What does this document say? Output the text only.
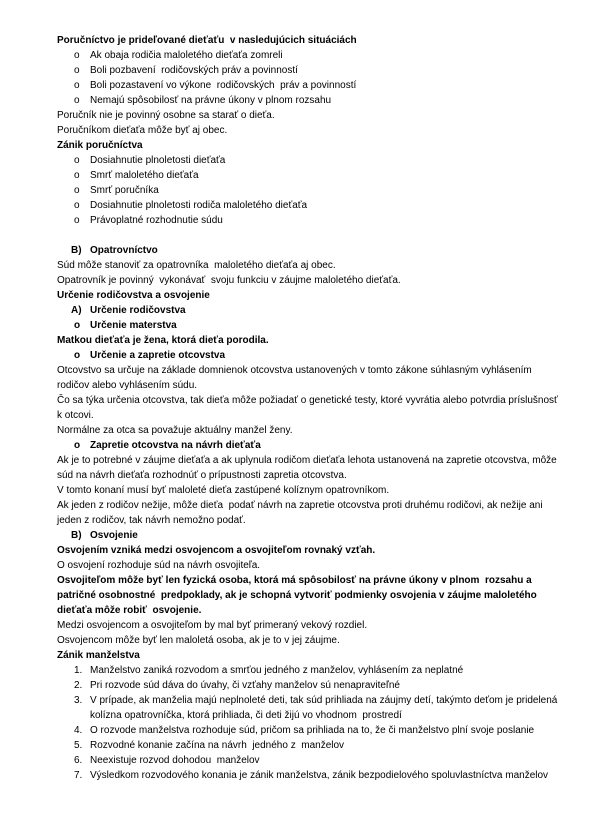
Poručníctvo je prideľované dieťaťu  v nasledujúcich situáciách
o Ak obaja rodičia maloletého dieťaťa zomreli
o Boli pozbavení  rodičovských práv a povinností
o Boli pozastavení vo výkone  rodičovských  práv a povinností
o Nemajú spôsobilosť na právne úkony v plnom rozsahu
Poručník nie je povinný osobne sa starať o dieťa.
Poručníkom dieťaťa môže byť aj obec.
Zánik poručníctva
o Dosiahnutie plnoletosti dieťaťa
o Smrť maloletého dieťaťa
o Smrť poručníka
o Dosiahnutie plnoletosti rodiča maloletého dieťaťa
o Právoplatné rozhodnutie súdu
B) Opatrovníctvo
Súd môže stanoviť za opatrovníka  maloletého dieťaťa aj obec.
Opatrovník je povinný  vykonávať  svoju funkciu v záujme maloletého dieťaťa.
Určenie rodičovstva a osvojenie
A) Určenie rodičovstva
o Určenie materstva
Matkou dieťaťa je žena, ktorá dieťa porodila.
o Určenie a zapretie otcovstva
Otcovstvo sa určuje na základe domnienok otcovstva ustanovených v tomto zákone súhlasným vyhlásením rodičov alebo vyhlásením súdu.
Čo sa týka určenia otcovstva, tak dieťa môže požiadať o genetické testy, ktoré vyvrátia alebo potvrdia príslušnosť k otcovi.
Normálne za otca sa považuje aktuálny manžel ženy.
o Zapretie otcovstva na návrh dieťaťa
Ak je to potrebné v záujme dieťaťa a ak uplynula rodičom dieťaťa lehota ustanovená na zapretie otcovstva, môže súd na návrh dieťaťa rozhodnúť o prípustnosti zapretia otcovstva.
V tomto konaní musí byť maloleté dieťa zastúpené kolíznym opatrovníkom.
Ak jeden z rodičov nežije, môže dieťa  podať návrh na zapretie otcovstva proti druhému rodičovi, ak nežije ani jeden z rodičov, tak návrh nemožno podať.
B) Osvojenie
Osvojením vzniká medzi osvojencom a osvojiteľom rovnaký vzťah.
O osvojení rozhoduje súd na návrh osvojiteľa.
Osvojiteľom môže byť len fyzická osoba, ktorá má spôsobilosť na právne úkony v plnom  rozsahu a patričné osobnostné  predpoklady, ak je schopná vytvoriť podmienky osvojenia v záujme maloletého dieťaťa môže robiť  osvojenie.
Medzi osvojencom a osvojiteľom by mal byť primeraný vekový rozdiel.
Osvojencom môže byť len maloletá osoba, ak je to v jej záujme.
Zánik manželstva
1. Manželstvo zaniká rozvodom a smrťou jedného z manželov, vyhlásením za neplatné
2. Pri rozvode súd dáva do úvahy, či vzťahy manželov sú nenapraviteľné
3. V prípade, ak manželia majú neplnoleté deti, tak súd prihliada na záujmy detí, takýmto deťom je pridelená kolízna opatrovníčka, ktorá prihliada, či deti žijú vo vhodnom  prostredí
4. O rozvode manželstva rozhoduje súd, pričom sa prihliada na to, že či manželstvo plní svoje poslanie
5. Rozvodné konanie začína na návrh  jedného z  manželov
6. Neexistuje rozvod dohodou  manželov
7. Výsledkom rozvodového konania je zánik manželstva, zánik bezpodielového spoluvlastníctva manželov
